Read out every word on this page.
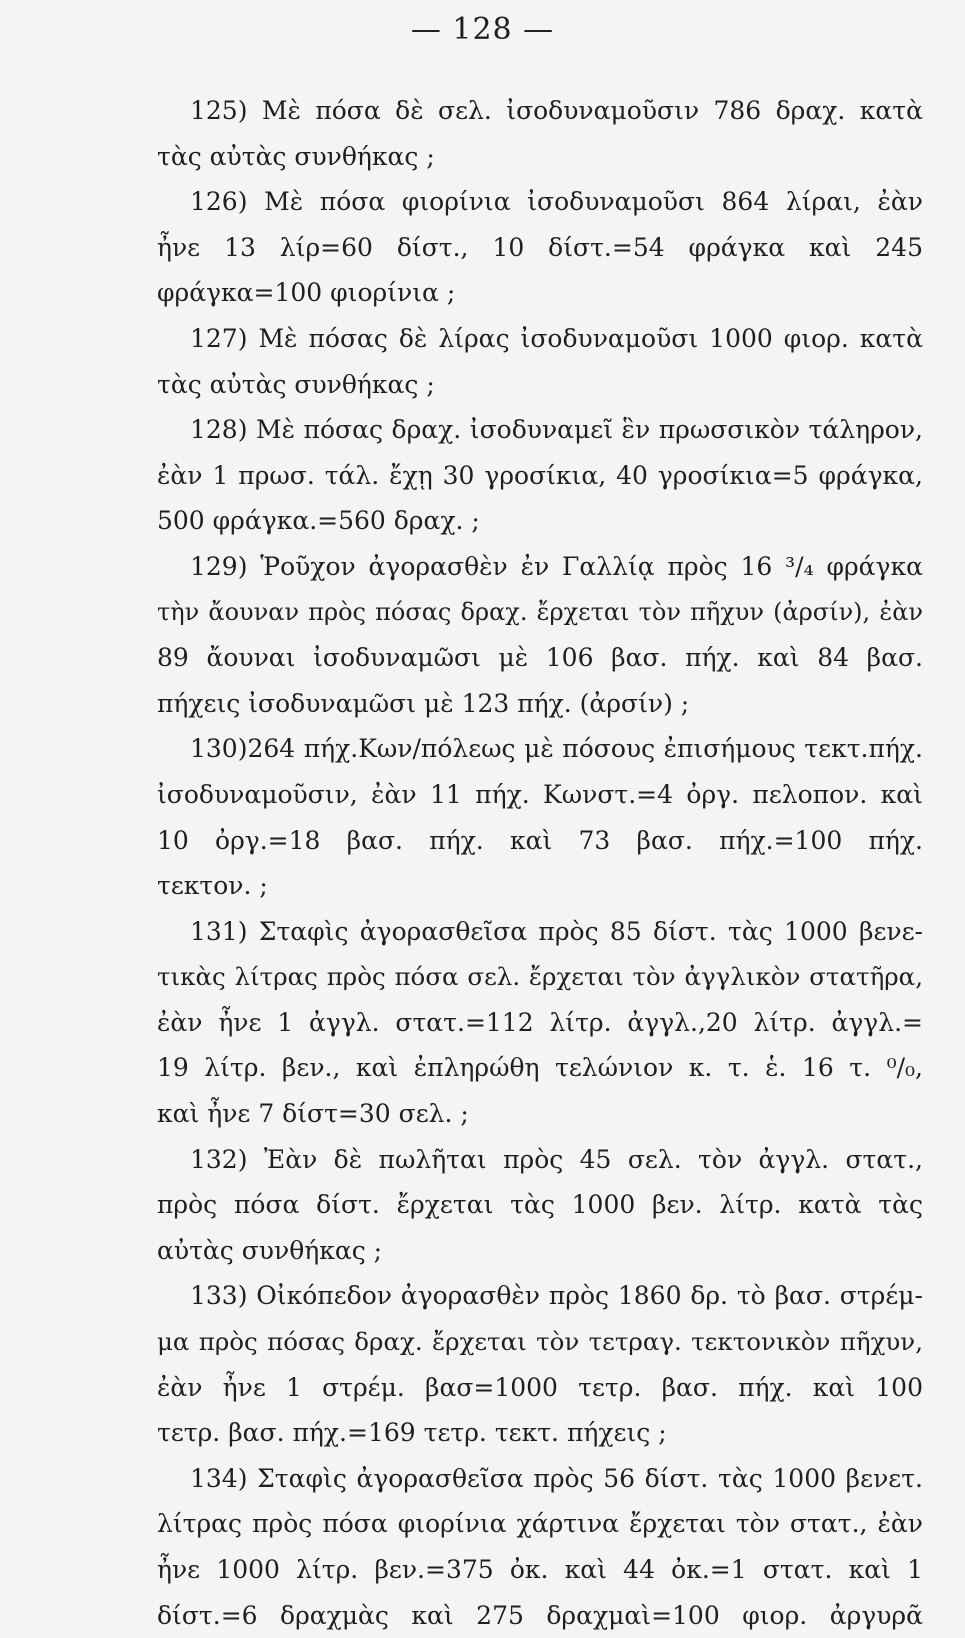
— 128 —
125) Μὲ πόσα δὲ σελ. ἰσοδυναμοῦσιν 786 δραχ. κατὰ
τὰς αὐτὰς συνθήκας ;
126) Μὲ πόσα φιορίνια ἰσοδυναμοῦσι 864 λίραι, ἐὰν
ἦνε 13 λίρ=60 δίστ., 10 δίστ.=54 φράγκα καὶ 245
φράγκα=100 φιορίνια ;
127) Μὲ πόσας δὲ λίρας ἰσοδυναμοῦσι 1000 φιορ. κατὰ
τὰς αὐτὰς συνθήκας ;
128) Μὲ πόσας δραχ. ἰσοδυναμεῖ ἓν πρωσσικὸν τάληρον,
ἐὰν 1 πρωσ. τάλ. ἔχῃ 30 γροσίκια, 40 γροσίκια=5 φράγκα,
500 φράγκα.=560 δραχ. ;
129) Ῥοῦχον ἀγορασθὲν ἐν Γαλλίᾳ πρὸς 16 ³/₄ φράγκα
τὴν ἄουναν πρὸς πόσας δραχ. ἔρχεται τὸν πῆχυν (ἀρσίν), ἐὰν
89 ἄουναι ἰσοδυναμῶσι μὲ 106 βασ. πήχ. καὶ 84 βασ.
πήχεις ἰσοδυναμῶσι μὲ 123 πήχ. (ἀρσίν) ;
130)264 πήχ.Κων/πόλεως μὲ πόσους ἐπισήμους τεκτ.πήχ.
ἰσοδυναμοῦσιν, ἐὰν 11 πήχ. Κωνστ.=4 ὀργ. πελοπον. καὶ
10 ὀργ.=18 βασ. πήχ. καὶ 73 βασ. πήχ.=100 πήχ.
τεκτον. ;
131) Σταφὶς ἀγορασθεῖσα πρὸς 85 δίστ. τὰς 1000 βενε-
τικὰς λίτρας πρὸς πόσα σελ. ἔρχεται τὸν ἀγγλικὸν στατῆρα,
ἐὰν ἦνε 1 ἀγγλ. στατ.=112 λίτρ. ἀγγλ.,20 λίτρ. ἀγγλ.=
19 λίτρ. βεν., καὶ ἐπληρώθη τελώνιον κ. τ. ἑ. 16 τ. ⁰/₀,
καὶ ἦνε 7 δίστ=30 σελ. ;
132) Ἐὰν δὲ πωλῆται πρὸς 45 σελ. τὸν ἀγγλ. στατ.,
πρὸς πόσα δίστ. ἔρχεται τὰς 1000 βεν. λίτρ. κατὰ τὰς
αὐτὰς συνθήκας ;
133) Οἰκόπεδον ἀγορασθὲν πρὸς 1860 δρ. τὸ βασ. στρέμ-
μα πρὸς πόσας δραχ. ἔρχεται τὸν τετραγ. τεκτονικὸν πῆχυν,
ἐὰν ἦνε 1 στρέμ. βασ=1000 τετρ. βασ. πήχ. καὶ 100
τετρ. βασ. πήχ.=169 τετρ. τεκτ. πήχεις ;
134) Σταφὶς ἀγορασθεῖσα πρὸς 56 δίστ. τὰς 1000 βενετ.
λίτρας πρὸς πόσα φιορίνια χάρτινα ἔρχεται τὸν στατ., ἐὰν
ἦνε 1000 λίτρ. βεν.=375 ὀκ. καὶ 44 ὀκ.=1 στατ. καὶ 1
δίστ.=6 δραχμὰς καὶ 275 δραχμαὶ=100 φιορ. ἀργυρᾶ
